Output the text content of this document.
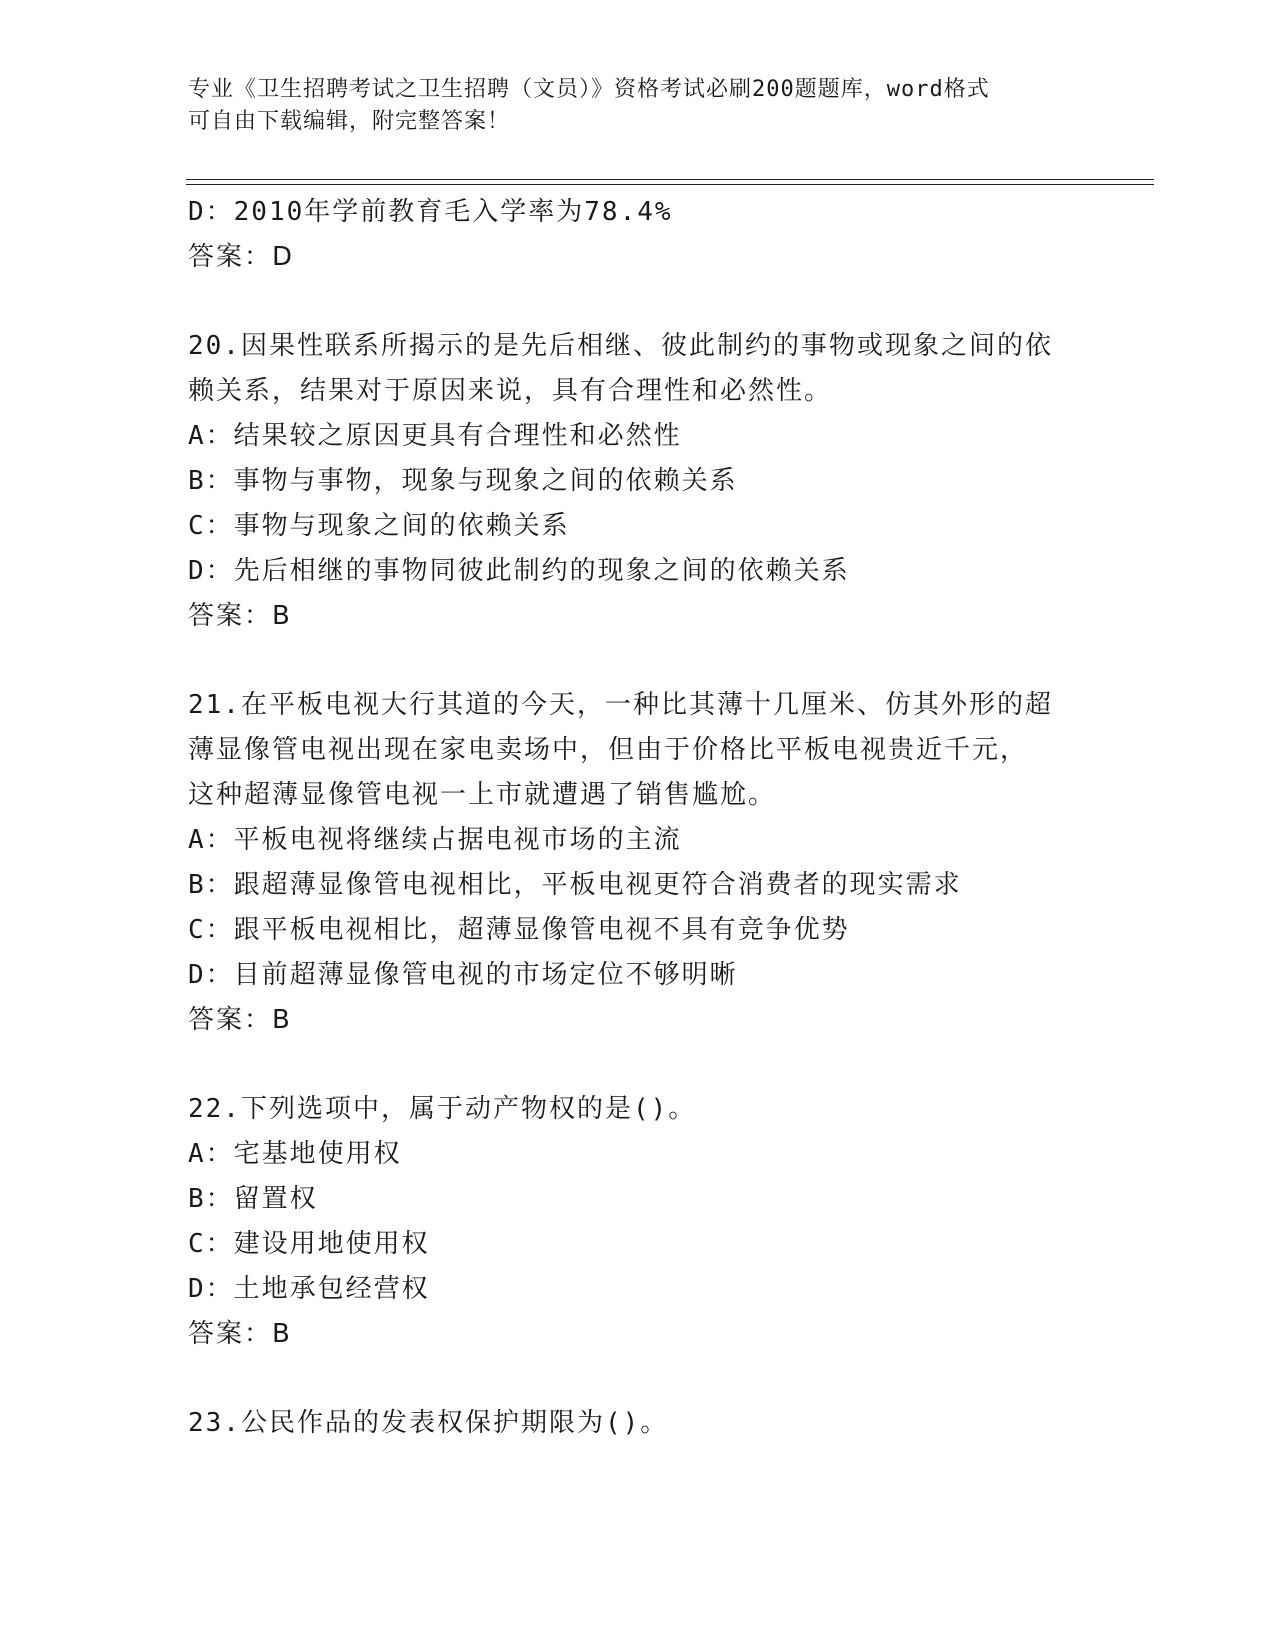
专业《卫生招聘考试之卫生招聘（文员）》资格考试必刷200题题库，word格式
可自由下载编辑，附完整答案！
D：2010年学前教育毛入学率为78.4%
答案：D
20.因果性联系所揭示的是先后相继、彼此制约的事物或现象之间的依
赖关系，结果对于原因来说，具有合理性和必然性。
A：结果较之原因更具有合理性和必然性
B：事物与事物，现象与现象之间的依赖关系
C：事物与现象之间的依赖关系
D：先后相继的事物同彼此制约的现象之间的依赖关系
答案：B
21.在平板电视大行其道的今天，一种比其薄十几厘米、仿其外形的超
薄显像管电视出现在家电卖场中，但由于价格比平板电视贵近千元，
这种超薄显像管电视一上市就遭遇了销售尴尬。
A：平板电视将继续占据电视市场的主流
B：跟超薄显像管电视相比，平板电视更符合消费者的现实需求
C：跟平板电视相比，超薄显像管电视不具有竞争优势
D：目前超薄显像管电视的市场定位不够明晰
答案：B
22.下列选项中，属于动产物权的是()。
A：宅基地使用权
B：留置权
C：建设用地使用权
D：土地承包经营权
答案：B
23.公民作品的发表权保护期限为()。
